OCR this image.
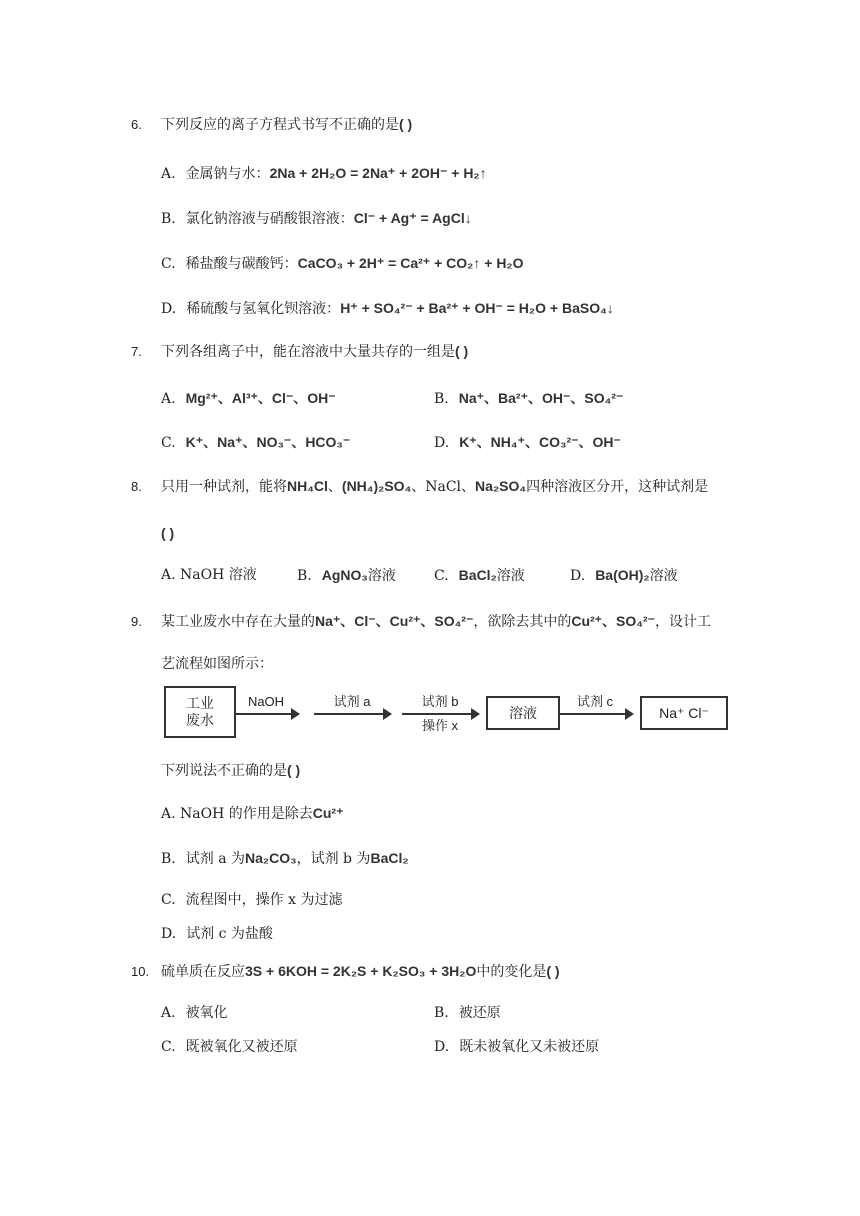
6. 下列反应的离子方程式书写不正确的是( )
A. 金属钠与水：2Na + 2H₂O = 2Na⁺ + 2OH⁻ + H₂↑
B. 氯化钠溶液与硝酸银溶液：Cl⁻ + Ag⁺ = AgCl↓
C. 稀盐酸与碳酸钙：CaCO₃ + 2H⁺ = Ca²⁺ + CO₂↑ + H₂O
D. 稀硫酸与氢氧化钡溶液：H⁺ + SO₄²⁻ + Ba²⁺ + OH⁻ = H₂O + BaSO₄↓
7. 下列各组离子中，能在溶液中大量共存的一组是( )
A. Mg²⁺、Al³⁺、Cl⁻、OH⁻	B. Na⁺、Ba²⁺、OH⁻、SO₄²⁻
C. K⁺、Na⁺、NO₃⁻、HCO₃⁻	D. K⁺、NH₄⁺、CO₃²⁻、OH⁻
8. 只用一种试剂，能将NH₄Cl、(NH₄)₂SO₄、NaCl、Na₂SO₄四种溶液区分开，这种试剂是
( )
A. NaOH 溶液	B. AgNO₃溶液	C. BaCl₂溶液	D. Ba(OH)₂溶液
9. 某工业废水中存在大量的Na⁺、Cl⁻、Cu²⁺、SO₄²⁻，欲除去其中的Cu²⁺、SO₄²⁻，设计工
艺流程如图所示：
工业
废水
NaOH	试剂 a	试剂 b
操作 x
溶液
试剂 c
Na⁺ Cl⁻
下列说法不正确的是( )
A. NaOH 的作用是除去Cu²⁺
B. 试剂 a 为Na₂CO₃，试剂 b 为BaCl₂
C. 流程图中，操作 x 为过滤
D. 试剂 c 为盐酸
10. 硫单质在反应3S + 6KOH = 2K₂S + K₂SO₃ + 3H₂O中的变化是( )
A. 被氧化	B. 被还原
C. 既被氧化又被还原	D. 既未被氧化又未被还原
